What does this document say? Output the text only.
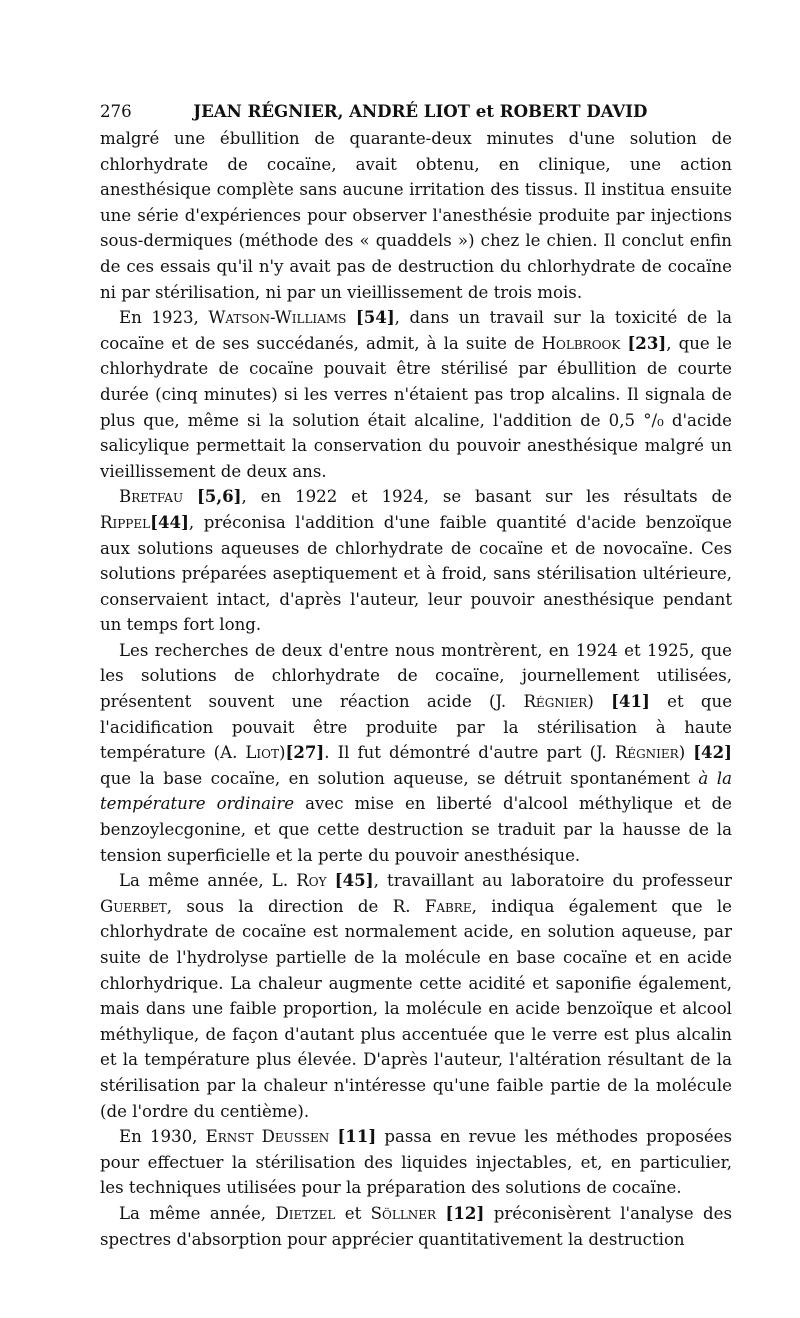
276	JEAN RÉGNIER, ANDRÉ LIOT et ROBERT DAVID

malgré une ébullition de quarante-deux minutes d'une solution de chlorhydrate de cocaïne, avait obtenu, en clinique, une action anesthésique complète sans aucune irritation des tissus. Il institua ensuite une série d'expériences pour observer l'anesthésie produite par injections sous-dermiques (méthode des « quaddels ») chez le chien. Il conclut enfin de ces essais qu'il n'y avait pas de destruction du chlorhydrate de cocaïne ni par stérilisation, ni par un vieillissement de trois mois.

En 1923, Watson-Williams [54], dans un travail sur la toxicité de la cocaïne et de ses succédanés, admit, à la suite de Holbrook [23], que le chlorhydrate de cocaïne pouvait être stérilisé par ébullition de courte durée (cinq minutes) si les verres n'étaient pas trop alcalins. Il signala de plus que, même si la solution était alcaline, l'addition de 0,5 °/₀ d'acide salicylique permettait la conservation du pouvoir anesthésique malgré un vieillissement de deux ans.

Bretfau [5,6], en 1922 et 1924, se basant sur les résultats de Rippel[44], préconisa l'addition d'une faible quantité d'acide benzoïque aux solutions aqueuses de chlorhydrate de cocaïne et de novocaïne. Ces solutions préparées aseptiquement et à froid, sans stérilisation ultérieure, conservaient intact, d'après l'auteur, leur pouvoir anesthésique pendant un temps fort long.

Les recherches de deux d'entre nous montrèrent, en 1924 et 1925, que les solutions de chlorhydrate de cocaïne, journellement utilisées, présentent souvent une réaction acide (J. Régnier) [41] et que l'acidification pouvait être produite par la stérilisation à haute température (A. Liot)[27]. Il fut démontré d'autre part (J. Régnier) [42] que la base cocaïne, en solution aqueuse, se détruit spontanément à la température ordinaire avec mise en liberté d'alcool méthylique et de benzoylecgonine, et que cette destruction se traduit par la hausse de la tension superficielle et la perte du pouvoir anesthésique.

La même année, L. Roy [45], travaillant au laboratoire du professeur Guerbet, sous la direction de R. Fabre, indiqua également que le chlorhydrate de cocaïne est normalement acide, en solution aqueuse, par suite de l'hydrolyse partielle de la molécule en base cocaïne et en acide chlorhydrique. La chaleur augmente cette acidité et saponifie également, mais dans une faible proportion, la molécule en acide benzoïque et alcool méthylique, de façon d'autant plus accentuée que le verre est plus alcalin et la température plus élevée. D'après l'auteur, l'altération résultant de la stérilisation par la chaleur n'intéresse qu'une faible partie de la molécule (de l'ordre du centième).

En 1930, Ernst Deussen [11] passa en revue les méthodes proposées pour effectuer la stérilisation des liquides injectables, et, en particulier, les techniques utilisées pour la préparation des solutions de cocaïne.

La même année, Dietzel et Söllner [12] préconisèrent l'analyse des spectres d'absorption pour apprécier quantitativement la destruction
